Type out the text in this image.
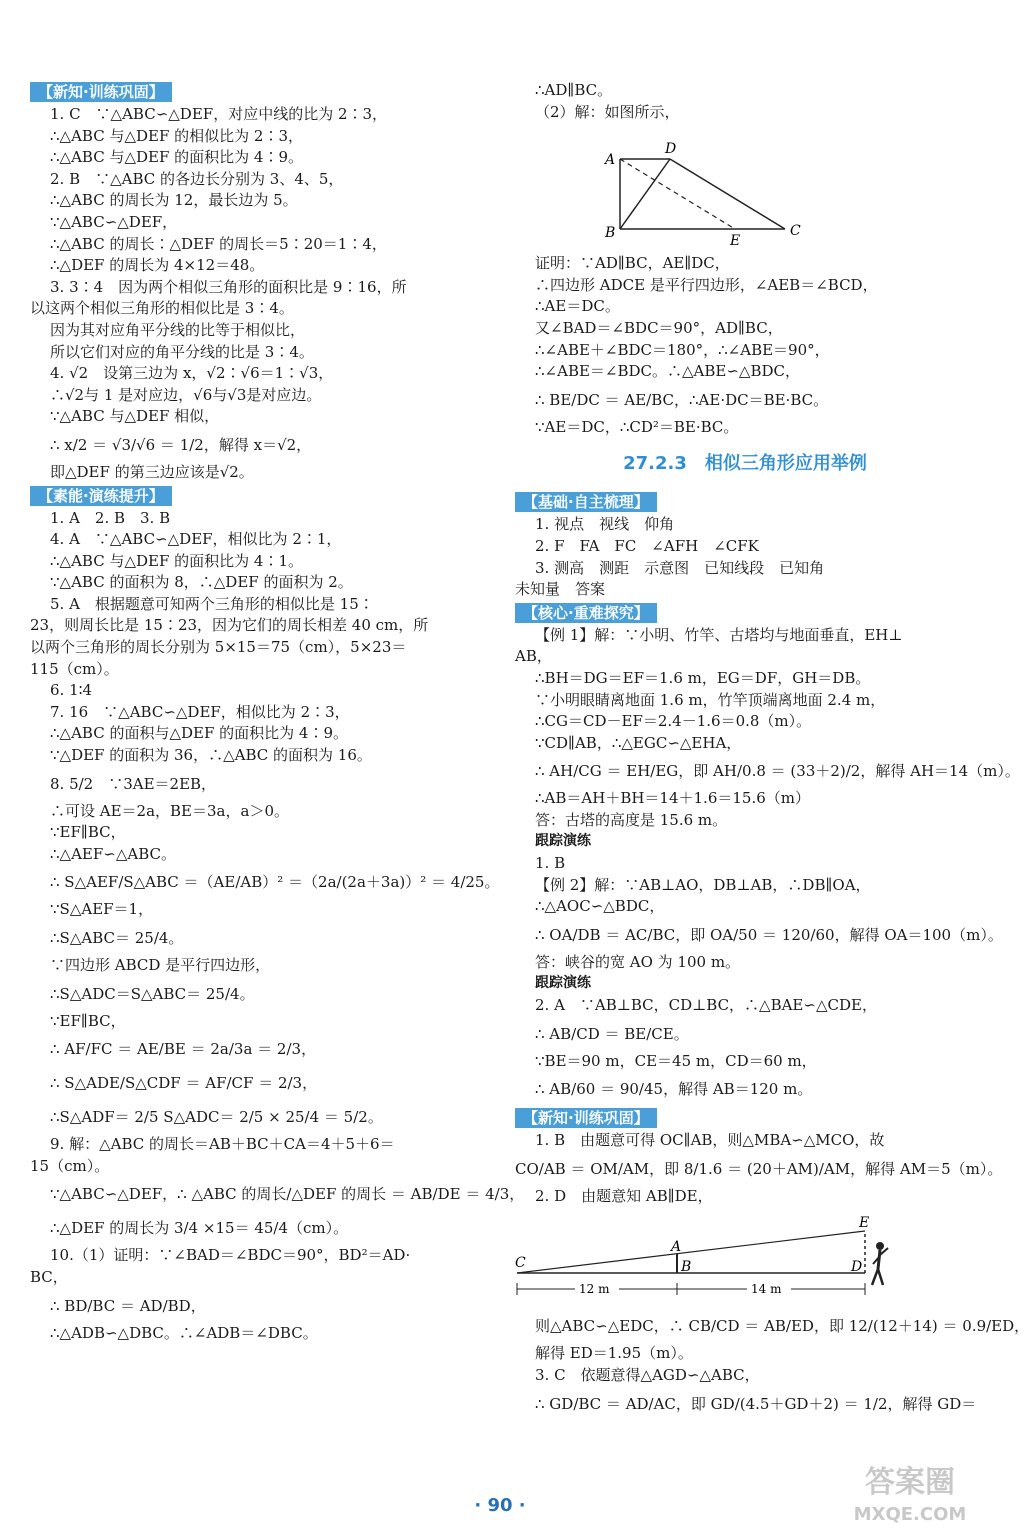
【新知·训练巩固】
1. C　∵△ABC∽△DEF，对应中线的比为 2∶3，
∴△ABC 与△DEF 的相似比为 2∶3，
∴△ABC 与△DEF 的面积比为 4∶9。
2. B　∵△ABC 的各边长分别为 3、4、5，
∴△ABC 的周长为 12，最长边为 5。
∵△ABC∽△DEF，
∴△ABC 的周长∶△DEF 的周长＝5∶20＝1∶4，
∴△DEF 的周长为 4×12＝48。
3. 3∶4　因为两个相似三角形的面积比是 9∶16，所
以这两个相似三角形的相似比是 3∶4。
因为其对应角平分线的比等于相似比，
所以它们对应的角平分线的比是 3∶4。
4. √2　设第三边为 x，√2∶√6＝1∶√3，
∴√2与 1 是对应边，√6与√3是对应边。
∵△ABC 与△DEF 相似，
∴ x/2 ＝ √3/√6 ＝ 1/2，解得 x＝√2，
即△DEF 的第三边应该是√2。
【素能·演练提升】
1. A　2. B　3. B
4. A　∵△ABC∽△DEF，相似比为 2∶1，
∴△ABC 与△DEF 的面积比为 4∶1。
∵△ABC 的面积为 8，∴△DEF 的面积为 2。
5. A　根据题意可知两个三角形的相似比是 15∶
23，则周长比是 15∶23，因为它们的周长相差 40 cm，所
以两个三角形的周长分别为 5×15＝75（cm），5×23＝
115（cm）。
6. 1∶4
7. 16　∵△ABC∽△DEF，相似比为 2∶3，
∴△ABC 的面积与△DEF 的面积比为 4∶9。
∵△DEF 的面积为 36，∴△ABC 的面积为 16。
8. 5/2　∵3AE＝2EB，
∴可设 AE＝2a，BE＝3a，a＞0。
∵EF∥BC，
∴△AEF∽△ABC。
∴ S△AEF/S△ABC ＝（AE/AB）² ＝（2a/(2a＋3a)）² ＝ 4/25。
∵S△AEF＝1，
∴S△ABC＝ 25/4。
∵四边形 ABCD 是平行四边形，
∴S△ADC＝S△ABC＝ 25/4。
∵EF∥BC，
∴ AF/FC ＝ AE/BE ＝ 2a/3a ＝ 2/3，
∴ S△ADE/S△CDF ＝ AF/CF ＝ 2/3，
∴S△ADF＝ 2/5 S△ADC＝ 2/5 × 25/4 ＝ 5/2。
9. 解：△ABC 的周长＝AB＋BC＋CA＝4＋5＋6＝
15（cm）。
∵△ABC∽△DEF，∴ △ABC 的周长/△DEF 的周长 ＝ AB/DE ＝ 4/3，
∴△DEF 的周长为 3/4 ×15＝ 45/4（cm）。
10.（1）证明：∵∠BAD＝∠BDC＝90°，BD²＝AD·
BC，
∴ BD/BC ＝ AD/BD，
∴△ADB∽△DBC。∴∠ADB＝∠DBC。
∴AD∥BC。
（2）解：如图所示，
A
D
B	C
E
证明：∵AD∥BC，AE∥DC，
∴四边形 ADCE 是平行四边形，∠AEB＝∠BCD，
∴AE＝DC。
又∠BAD＝∠BDC＝90°，AD∥BC，
∴∠ABE＋∠BDC＝180°，∴∠ABE＝90°，
∴∠ABE＝∠BDC。∴△ABE∽△BDC，
∴ BE/DC ＝ AE/BC，∴AE·DC＝BE·BC。
∵AE＝DC，∴CD²＝BE·BC。
27.2.3　相似三角形应用举例
【基础·自主梳理】
1. 视点　视线　仰角
2. F　FA　FC　∠AFH　∠CFK
3. 测高　测距　示意图　已知线段　已知角
未知量　答案
【核心·重难探究】
【例 1】解：∵小明、竹竿、古塔均与地面垂直，EH⊥
AB，
∴BH＝DG＝EF＝1.6 m，EG＝DF，GH＝DB。
∵小明眼睛离地面 1.6 m，竹竿顶端离地面 2.4 m，
∴CG＝CD－EF＝2.4－1.6＝0.8（m）。
∵CD∥AB，∴△EGC∽△EHA，
∴ AH/CG ＝ EH/EG，即 AH/0.8 ＝ (33＋2)/2，解得 AH＝14（m）。
∴AB＝AH＋BH＝14＋1.6＝15.6（m）
答：古塔的高度是 15.6 m。
跟踪演练
1. B
【例 2】解：∵AB⊥AO，DB⊥AB，∴DB∥OA，
∴△AOC∽△BDC，
∴ OA/DB ＝ AC/BC，即 OA/50 ＝ 120/60，解得 OA＝100（m）。
答：峡谷的宽 AO 为 100 m。
跟踪演练
2. A　∵AB⊥BC，CD⊥BC，∴△BAE∽△CDE，
∴ AB/CD ＝ BE/CE。
∵BE＝90 m，CE＝45 m，CD＝60 m，
∴ AB/60 ＝ 90/45，解得 AB＝120 m。
【新知·训练巩固】
1. B　由题意可得 OC∥AB，则△MBA∽△MCO，故
CO/AB ＝ OM/AM，即 8/1.6 ＝ (20＋AM)/AM，解得 AM＝5（m）。
2. D　由题意知 AB∥DE，
12 m	14 m
C
A
B	D
E
则△ABC∽△EDC，∴ CB/CD ＝ AB/ED，即 12/(12＋14) ＝ 0.9/ED，
解得 ED＝1.95（m）。
3. C　依题意得△AGD∽△ABC，
∴ GD/BC ＝ AD/AC，即 GD/(4.5＋GD＋2) ＝ 1/2，解得 GD＝
· 90 ·
答案圈
MXQE.COM
